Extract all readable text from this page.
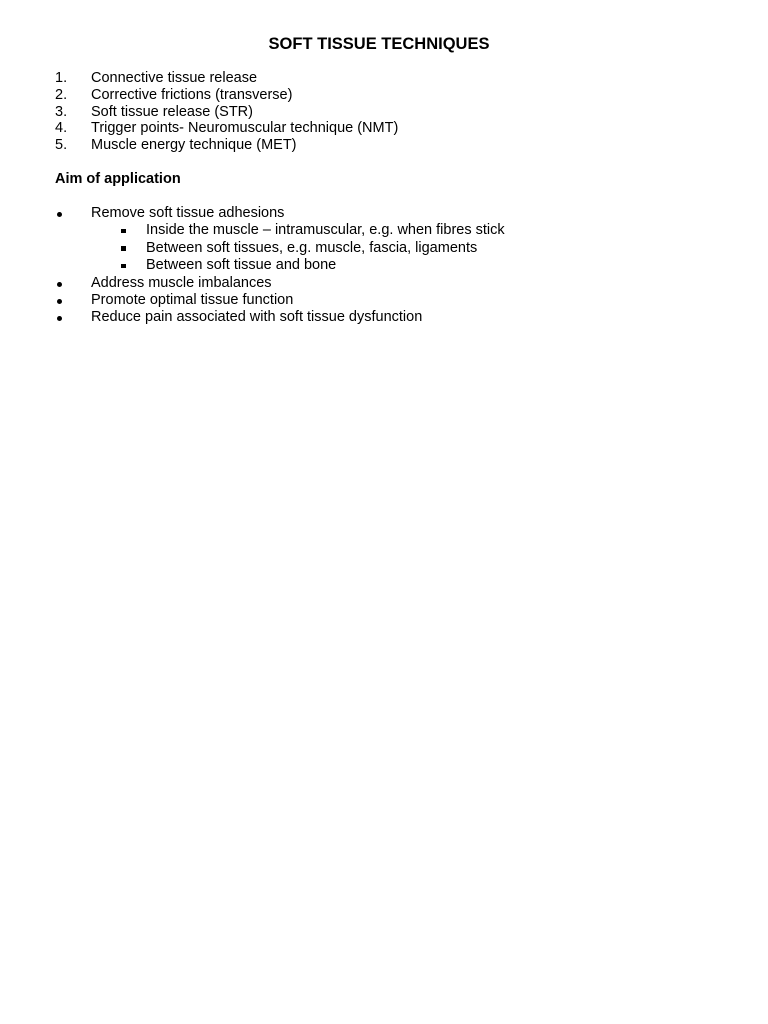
SOFT TISSUE TECHNIQUES
1. Connective tissue release
2. Corrective frictions (transverse)
3. Soft tissue release (STR)
4. Trigger points- Neuromuscular technique (NMT)
5. Muscle energy technique (MET)
Aim of application
Remove soft tissue adhesions
Inside the muscle – intramuscular, e.g. when fibres stick
Between soft tissues, e.g. muscle, fascia, ligaments
Between soft tissue and bone
Address muscle imbalances
Promote optimal tissue function
Reduce pain associated with soft tissue dysfunction
